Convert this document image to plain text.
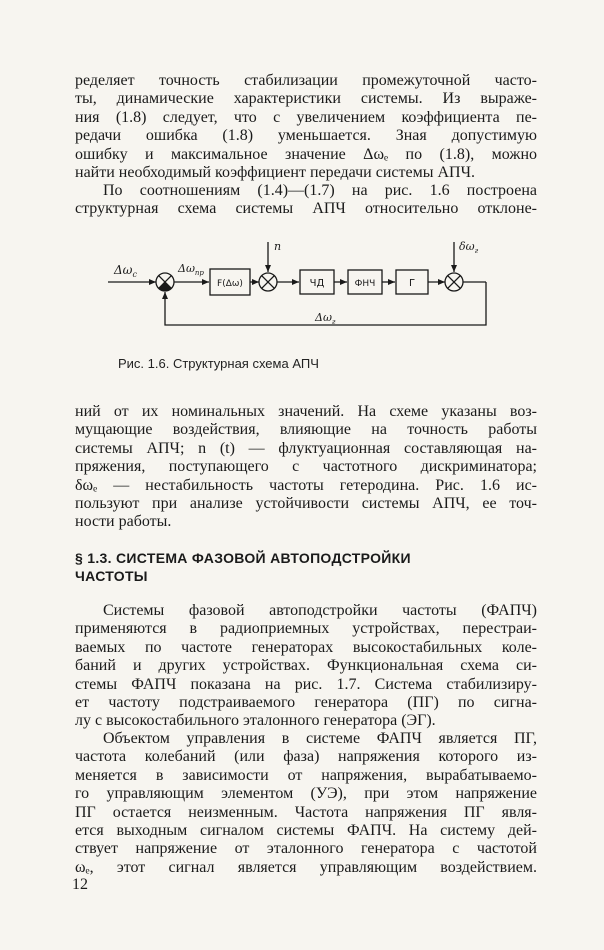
ределяет точность стабилизации промежуточной часто-
ты, динамические характеристики системы. Из выраже-
ния (1.8) следует, что с увеличением коэффициента пе-
редачи ошибка (1.8) уменьшается. Зная допустимую
ошибку и максимальное значение Δωₑ по (1.8), можно
найти необходимый коэффициент передачи системы АПЧ.
По соотношениям (1.4)—(1.7) на рис. 1.6 построена
структурная схема системы АПЧ относительно отклоне-
$\Delta\omega_c$	$\Delta\omega_{пр}$
F(Δω)
n
ЧД	ФНЧ	Г
$\delta\omega_г$
$\Delta\omega_г$
Рис. 1.6. Структурная схема АПЧ
ний от их номинальных значений. На схеме указаны воз-
мущающие воздействия, влияющие на точность работы
системы АПЧ; n (t) — флуктуационная составляющая на-
пряжения, поступающего с частотного дискриминатора;
δωₑ — нестабильность частоты гетеродина. Рис. 1.6 ис-
пользуют при анализе устойчивости системы АПЧ, ее точ-
ности работы.
§ 1.3. СИСТЕМА ФАЗОВОЙ АВТОПОДСТРОЙКИ
ЧАСТОТЫ
Системы фазовой автоподстройки частоты (ФАПЧ)
применяются в радиоприемных устройствах, перестраи-
ваемых по частоте генераторах высокостабильных коле-
баний и других устройствах. Функциональная схема си-
стемы ФАПЧ показана на рис. 1.7. Система стабилизиру-
ет частоту подстраиваемого генератора (ПГ) по сигна-
лу с высокостабильного эталонного генератора (ЭГ).
Объектом управления в системе ФАПЧ является ПГ,
частота колебаний (или фаза) напряжения которого из-
меняется в зависимости от напряжения, вырабатываемо-
го управляющим элементом (УЭ), при этом напряжение
ПГ остается неизменным. Частота напряжения ПГ явля-
ется выходным сигналом системы ФАПЧ. На систему дей-
ствует напряжение от эталонного генератора с частотой
ωₑ, этот сигнал является управляющим воздействием.
12
